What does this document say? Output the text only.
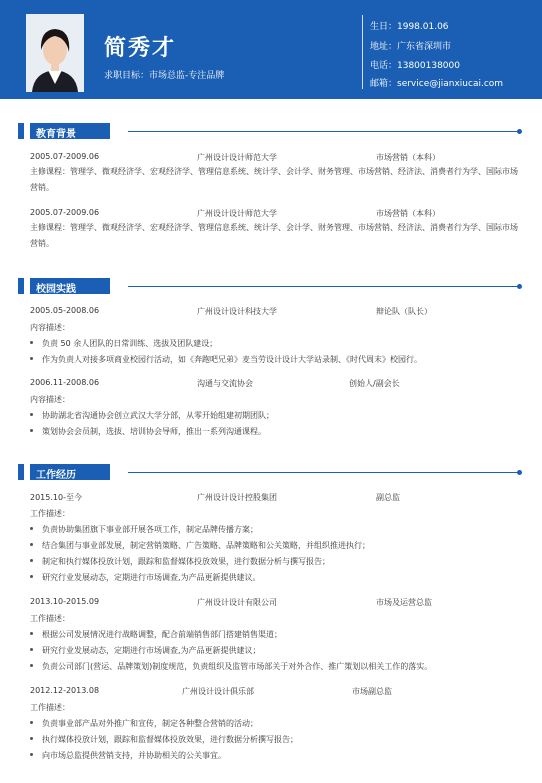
简秀才
求职目标：市场总监-专注品牌
生日：1998.01.06
地址：广东省深圳市
电话：13800138000
邮箱：service@jianxiucai.com
教育背景
2005.07-2009.06	广州设计设计师范大学	市场营销（本科）
主修课程：管理学、微观经济学、宏观经济学、管理信息系统、统计学、会计学、财务管理、市场营销、经济法、消费者行为学、国际市场营销。
2005.07-2009.06	广州设计设计师范大学	市场营销（本科）
主修课程：管理学、微观经济学、宏观经济学、管理信息系统、统计学、会计学、财务管理、市场营销、经济法、消费者行为学、国际市场营销。
校园实践
2005.05-2008.06	广州设计设计科技大学	辩论队（队长）
内容描述：
负责 50 余人团队的日常训练、选拔及团队建设；
作为负责人对接多项商业校园行活动，如《奔跑吧兄弟》麦当劳设计设计大学站录制、《时代周末》校园行。
2006.11-2008.06	沟通与交流协会	创始人/副会长
内容描述：
协助湖北省沟通协会创立武汉大学分部，从零开始组建初期团队；
策划协会会员制，选拔、培训协会导师，推出一系列沟通课程。
工作经历
2015.10-至今	广州设计设计控股集团	副总监
工作描述：
负责协助集团旗下事业部开展各项工作，制定品牌传播方案；
结合集团与事业部发展，制定营销策略、广告策略、品牌策略和公关策略，并组织推进执行；
制定和执行媒体投放计划，跟踪和监督媒体投放效果，进行数据分析与撰写报告；
研究行业发展动态，定期进行市场调查,为产品更新提供建议。
2013.10-2015.09	广州设计设计有限公司	市场及运营总监
工作描述：
根据公司发展情况进行战略调整，配合前端销售部门搭建销售渠道；
研究行业发展动态，定期进行市场调查,为产品更新提供建议；
负责公司部门(营运、品牌策划)制度规范，负责组织及监管市场部关于对外合作、推广策划以相关工作的落实。
2012.12-2013.08	广州设计设计俱乐部	市场副总监
工作描述：
负责事业部产品对外推广和宣传，制定各种整合营销的活动；
执行媒体投放计划，跟踪和监督媒体投放效果，进行数据分析撰写报告；
向市场总监提供营销支持，并协助相关的公关事宜。
